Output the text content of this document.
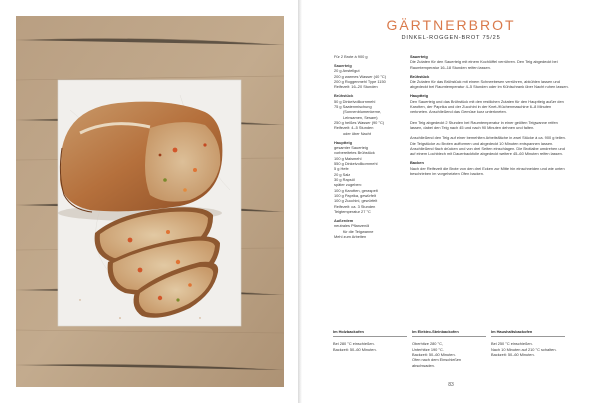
GÄRTNERBROT
DINKEL-ROGGEN-BROT 75/25
Für 2 Brote à 900 g
Sauerteig
20 g Anstellgut
200 g warmes Wasser (40 °C)
200 g Roggenmehl Type 1150
Reifezeit: 16–20 Stunden
Brühstück
50 g Dinkelvollkornmehl
75 g Saatenmischung
(Sonnenblumenkerne,
Leinsamen, Sesam)
250 g heißes Wasser (90 °C)
Reifezeit: 4–5 Stunden
oder über Nacht
Hauptteig
gesamter Sauerteig
vorbereitetes Brühstück
100 g Maismehl
550 g Dinkelvollkornmehl
5 g Hefe
20 g Salz
30 g Rapsöl
später zugeben:
100 g Karotten, geraspelt
100 g Paprika, gewürfelt
100 g Zucchini, gewürfelt
Reifezeit: ca. 3 Stunden
Teigtemperatur 27 °C
Außerdem
neutrales Pflanzenöl
für die Teigwanne
Mehl zum Arbeiten
Sauerteig

Die Zutaten für den Sauerteig mit einem Kochlöffel verrühren. Den Teig abgedeckt bei Raumtemperatur 16–18 Stunden reifen lassen.

Brühstück

Die Zutaten für das Brühstück mit einem Schneebesen verrühren, abkühlen lassen und abgedeckt bei Raumtemperatur 4–5 Stunden oder im Kühlschrank über Nacht ruhen lassen.

Hauptteig

Den Sauerteig und das Brühstück mit den restlichen Zutaten für den Hauptteig außer den Karotten, der Paprika und der Zucchini in der Knet-/Küchenmaschine 6–8 Minuten verkneten. Anschließend das Gemüse kurz unterkneten.

Den Teig abgedeckt 2 Stunden bei Raumtemperatur in einer geölten Teigwanne reifen lassen, dabei den Teig nach 45 und nach 90 Minuten dehnen und falten.

Anschließend den Teig auf einer bemehlten Arbeitsfläche in zwei Stücke à ca. 900 g teilen. Die Teigstücke zu Broten aufformen und abgedeckt 10 Minuten entspannen lassen. Anschließend flach drücken und von drei Seiten einschlagen. Die Brotlaibe umdrehen und auf einem Lochblech mit Dauerbackfolie abgedeckt weitere 45–60 Minuten reifen lassen.

Backen

Nach der Reifezeit die Brote von den drei Ecken zur Mitte hin einschneiden und wie unten beschrieben im vorgeheizten Ofen backen.

Im Holzbackofen
Bei 280 °C einschießen.
Backzeit: 50–60 Minuten.
Im Elektro-Steinbackofen
Oberhitze 280 °C,
Unterhitze 190 °C.
Backzeit: 50–60 Minuten.
Ofen nach dem Einschießen
abschwaden.
Im Haushaltsbackofen
Bei 250 °C einschießen.
Nach 10 Minuten auf 210 °C schalten.
Backzeit: 50–60 Minuten.
83
